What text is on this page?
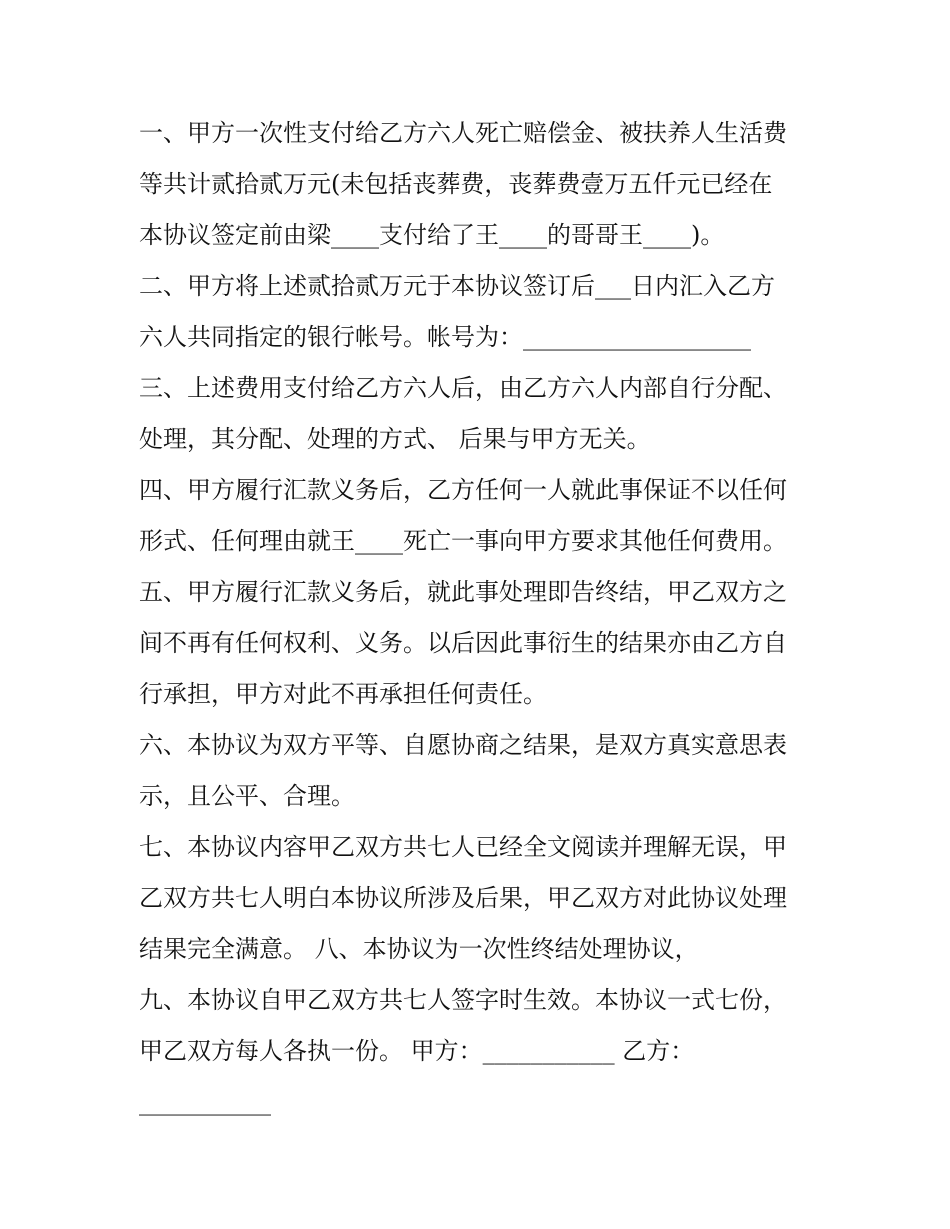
一、甲方一次性支付给乙方六人死亡赔偿金、被扶养人生活费
等共计贰拾贰万元(未包括丧葬费，丧葬费壹万五仟元已经在
本协议签定前由梁____支付给了王____的哥哥王____)。
二、甲方将上述贰拾贰万元于本协议签订后___日内汇入乙方
六人共同指定的银行帐号。帐号为：___________________
三、上述费用支付给乙方六人后，由乙方六人内部自行分配、
处理，其分配、处理的方式、 后果与甲方无关。
四、甲方履行汇款义务后，乙方任何一人就此事保证不以任何
形式、任何理由就王____死亡一事向甲方要求其他任何费用。
五、甲方履行汇款义务后，就此事处理即告终结，甲乙双方之
间不再有任何权利、义务。以后因此事衍生的结果亦由乙方自
行承担，甲方对此不再承担任何责任。
六、本协议为双方平等、自愿协商之结果，是双方真实意思表
示，且公平、合理。
七、本协议内容甲乙双方共七人已经全文阅读并理解无误，甲
乙双方共七人明白本协议所涉及后果，甲乙双方对此协议处理
结果完全满意。 八、本协议为一次性终结处理协议，
九、本协议自甲乙双方共七人签字时生效。本协议一式七份，
甲乙双方每人各执一份。 甲方：___________ 乙方：
___________
